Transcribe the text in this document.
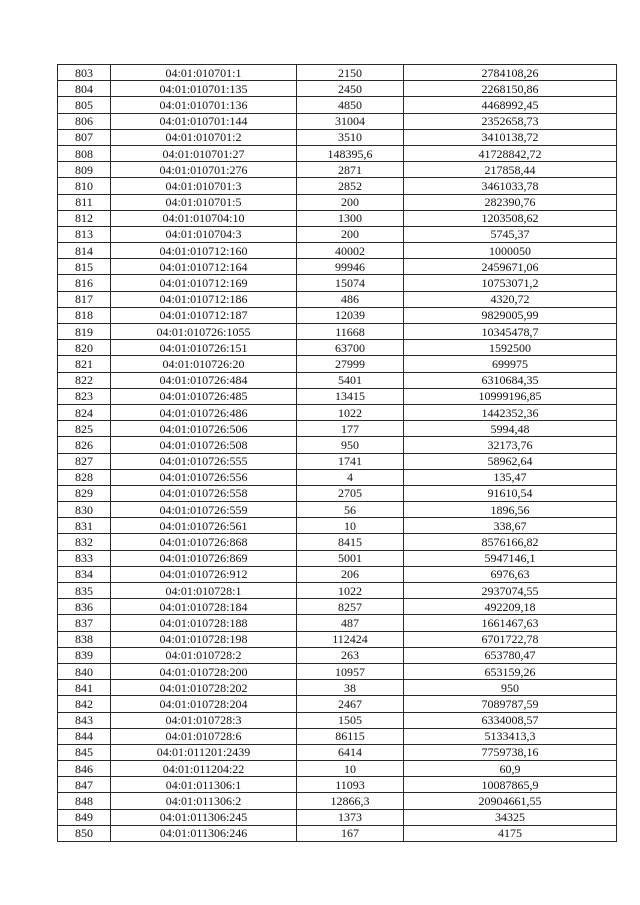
803	04:01:010701:1	2150	2784108,26
804	04:01:010701:135	2450	2268150,86
805	04:01:010701:136	4850	4468992,45
806	04:01:010701:144	31004	2352658,73
807	04:01:010701:2	3510	3410138,72
808	04:01:010701:27	148395,6	41728842,72
809	04:01:010701:276	2871	217858,44
810	04:01:010701:3	2852	3461033,78
811	04:01:010701:5	200	282390,76
812	04:01:010704:10	1300	1203508,62
813	04:01:010704:3	200	5745,37
814	04:01:010712:160	40002	1000050
815	04:01:010712:164	99946	2459671,06
816	04:01:010712:169	15074	10753071,2
817	04:01:010712:186	486	4320,72
818	04:01:010712:187	12039	9829005,99
819	04:01:010726:1055	11668	10345478,7
820	04:01:010726:151	63700	1592500
821	04:01:010726:20	27999	699975
822	04:01:010726:484	5401	6310684,35
823	04:01:010726:485	13415	10999196,85
824	04:01:010726:486	1022	1442352,36
825	04:01:010726:506	177	5994,48
826	04:01:010726:508	950	32173,76
827	04:01:010726:555	1741	58962,64
828	04:01:010726:556	4	135,47
829	04:01:010726:558	2705	91610,54
830	04:01:010726:559	56	1896,56
831	04:01:010726:561	10	338,67
832	04:01:010726:868	8415	8576166,82
833	04:01:010726:869	5001	5947146,1
834	04:01:010726:912	206	6976,63
835	04:01:010728:1	1022	2937074,55
836	04:01:010728:184	8257	492209,18
837	04:01:010728:188	487	1661467,63
838	04:01:010728:198	112424	6701722,78
839	04:01:010728:2	263	653780,47
840	04:01:010728:200	10957	653159,26
841	04:01:010728:202	38	950
842	04:01:010728:204	2467	7089787,59
843	04:01:010728:3	1505	6334008,57
844	04:01:010728:6	86115	5133413,3
845	04:01:011201:2439	6414	7759738,16
846	04:01:011204:22	10	60,9
847	04:01:011306:1	11093	10087865,9
848	04:01:011306:2	12866,3	20904661,55
849	04:01:011306:245	1373	34325
850	04:01:011306:246	167	4175
